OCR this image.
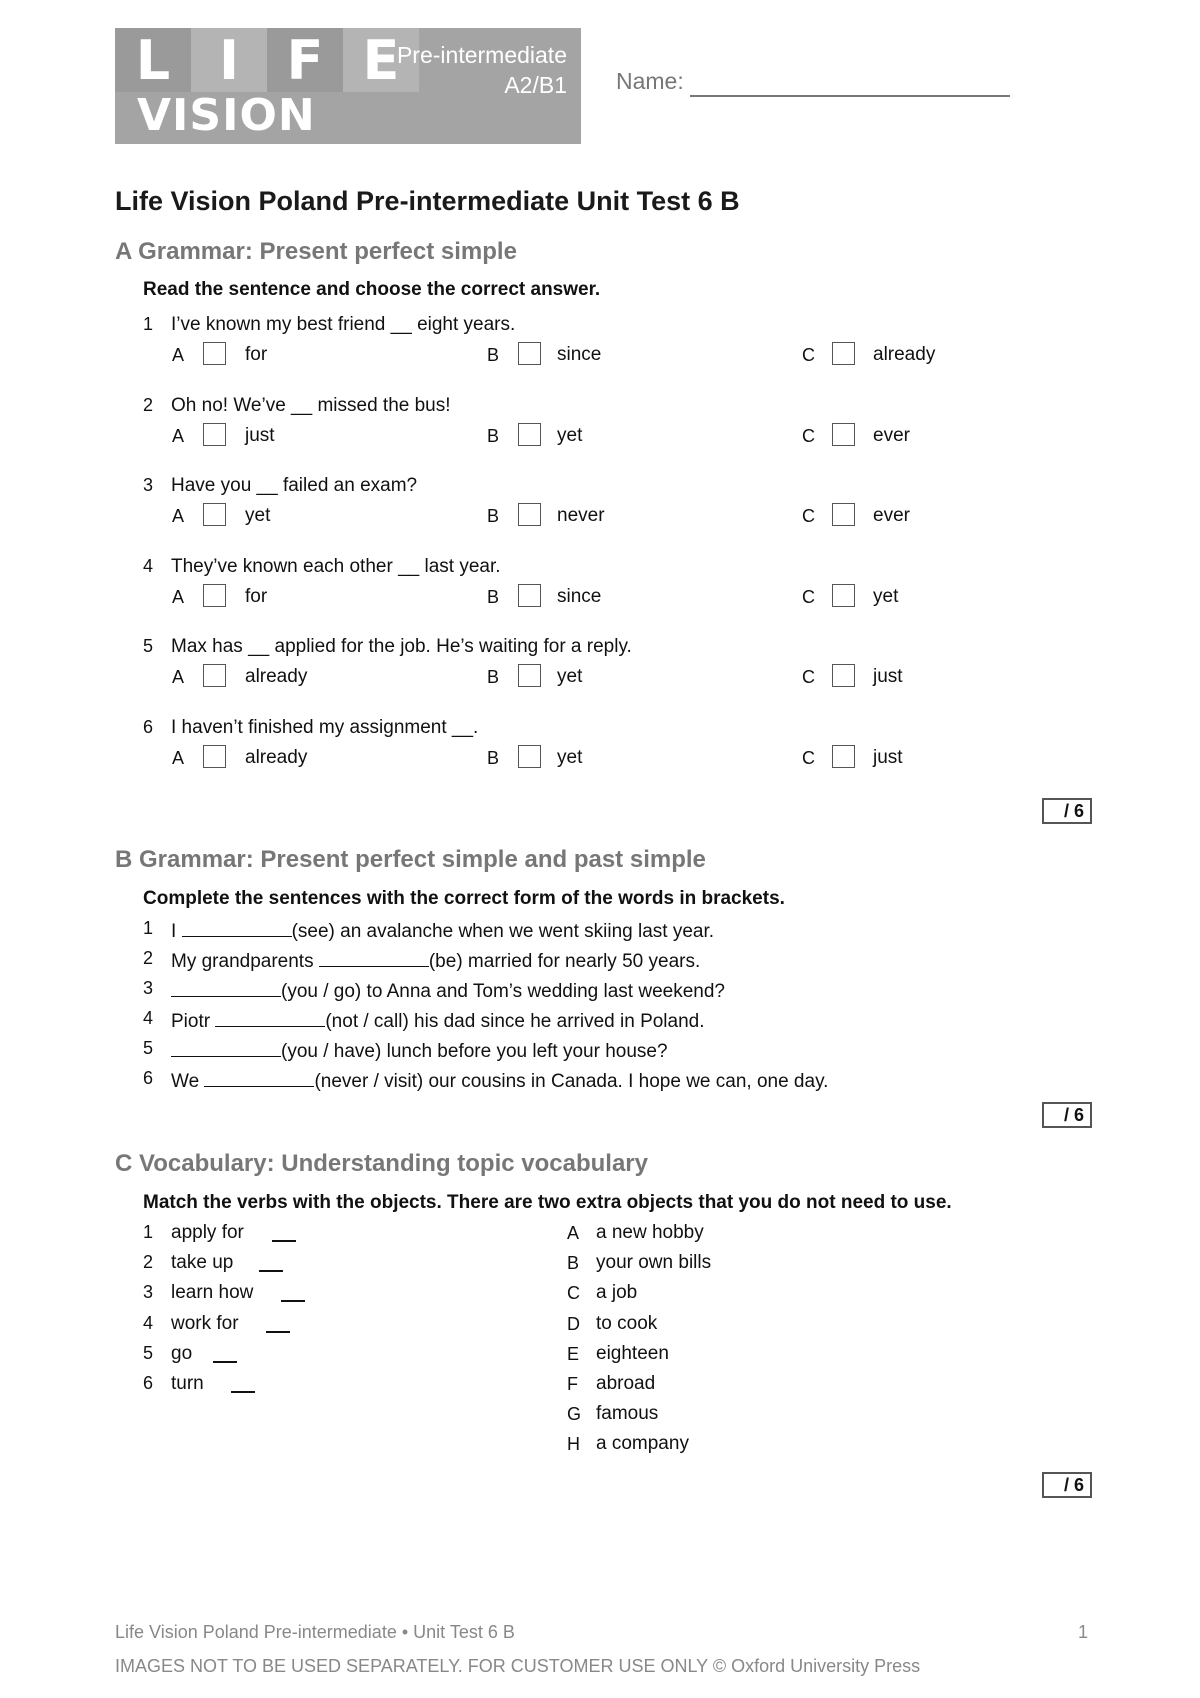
L I F E
VISION
Pre-intermediate
A2/B1 Name:
Life Vision Poland Pre-intermediate Unit Test 6 B
A Grammar: Present perfect simple
Read the sentence and choose the correct answer.
1 I’ve known my best friend __ eight years.
A	for	B	since	C	already
2 Oh no! We’ve __ missed the bus!
A	just	B	yet	C	ever
3 Have you __ failed an exam?
A	yet	B	never	C	ever
4 They’ve known each other __ last year.
A	for	B	since	C	yet
5 Max has __ applied for the job. He’s waiting for a reply.
A	already	B	yet	C	just
6 I haven’t finished my assignment __.
A	already	B	yet	C	just
/ 6
B Grammar: Present perfect simple and past simple
Complete the sentences with the correct form of the words in brackets.
1 I	(see) an avalanche when we went skiing last year.
2 My grandparents	(be) married for nearly 50 years.
3	(you / go) to Anna and Tom’s wedding last weekend?
4 Piotr	(not / call) his dad since he arrived in Poland.
5	(you / have) lunch before you left your house?
6 We	(never / visit) our cousins in Canada. I hope we can, one day.
/ 6
C Vocabulary: Understanding topic vocabulary
Match the verbs with the objects. There are two extra objects that you do not need to use.
1 apply for
2 take up
3 learn how
4 work for
5 go
6 turn
A a new hobby
B your own bills
C a job
D to cook
E eighteen
F abroad
G famous
H a company
/ 6
Life Vision Poland Pre-intermediate • Unit Test 6 B	1
IMAGES NOT TO BE USED SEPARATELY. FOR CUSTOMER USE ONLY © Oxford University Press
